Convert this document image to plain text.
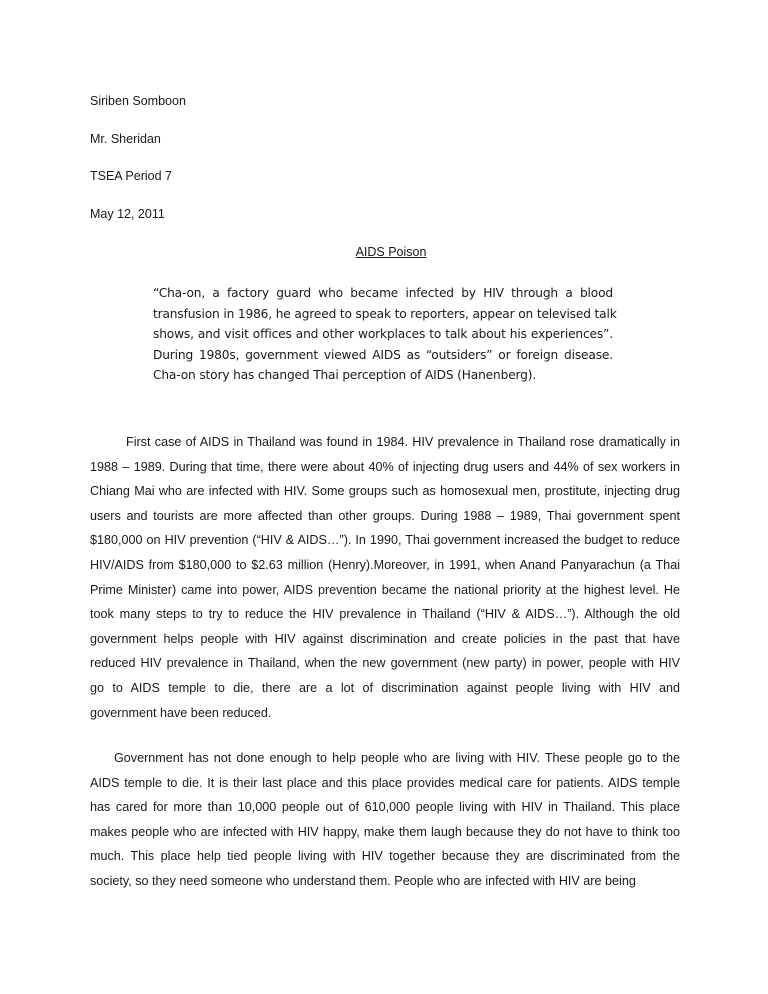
Siriben Somboon
Mr. Sheridan
TSEA Period 7
May 12, 2011
AIDS Poison
“Cha-on, a factory guard who became infected by HIV through a blood
transfusion in 1986, he agreed to speak to reporters, appear on televised talk
shows, and visit offices and other workplaces to talk about his experiences”.
During 1980s, government viewed AIDS as “outsiders” or foreign disease.
Cha-on story has changed Thai perception of AIDS (Hanenberg).
First case of AIDS in Thailand was found in 1984. HIV prevalence in Thailand rose dramatically in
1988 – 1989. During that time, there were about 40% of injecting drug users and 44% of sex workers in
Chiang Mai who are infected with HIV. Some groups such as homosexual men, prostitute, injecting drug
users and tourists are more affected than other groups. During 1988 – 1989, Thai government spent
$180,000 on HIV prevention (“HIV & AIDS…”). In 1990, Thai government increased the budget to reduce
HIV/AIDS from $180,000 to $2.63 million (Henry).Moreover, in 1991, when Anand Panyarachun (a Thai
Prime Minister) came into power, AIDS prevention became the national priority at the highest level. He
took many steps to try to reduce the HIV prevalence in Thailand (“HIV & AIDS…”). Although the old
government helps people with HIV against discrimination and create policies in the past that have
reduced HIV prevalence in Thailand, when the new government (new party) in power, people with HIV
go to AIDS temple to die, there are a lot of discrimination against people living with HIV and
government have been reduced.
Government has not done enough to help people who are living with HIV. These people go to the
AIDS temple to die. It is their last place and this place provides medical care for patients. AIDS temple
has cared for more than 10,000 people out of 610,000 people living with HIV in Thailand. This place
makes people who are infected with HIV happy, make them laugh because they do not have to think too
much. This place help tied people living with HIV together because they are discriminated from the
society, so they need someone who understand them. People who are infected with HIV are being
